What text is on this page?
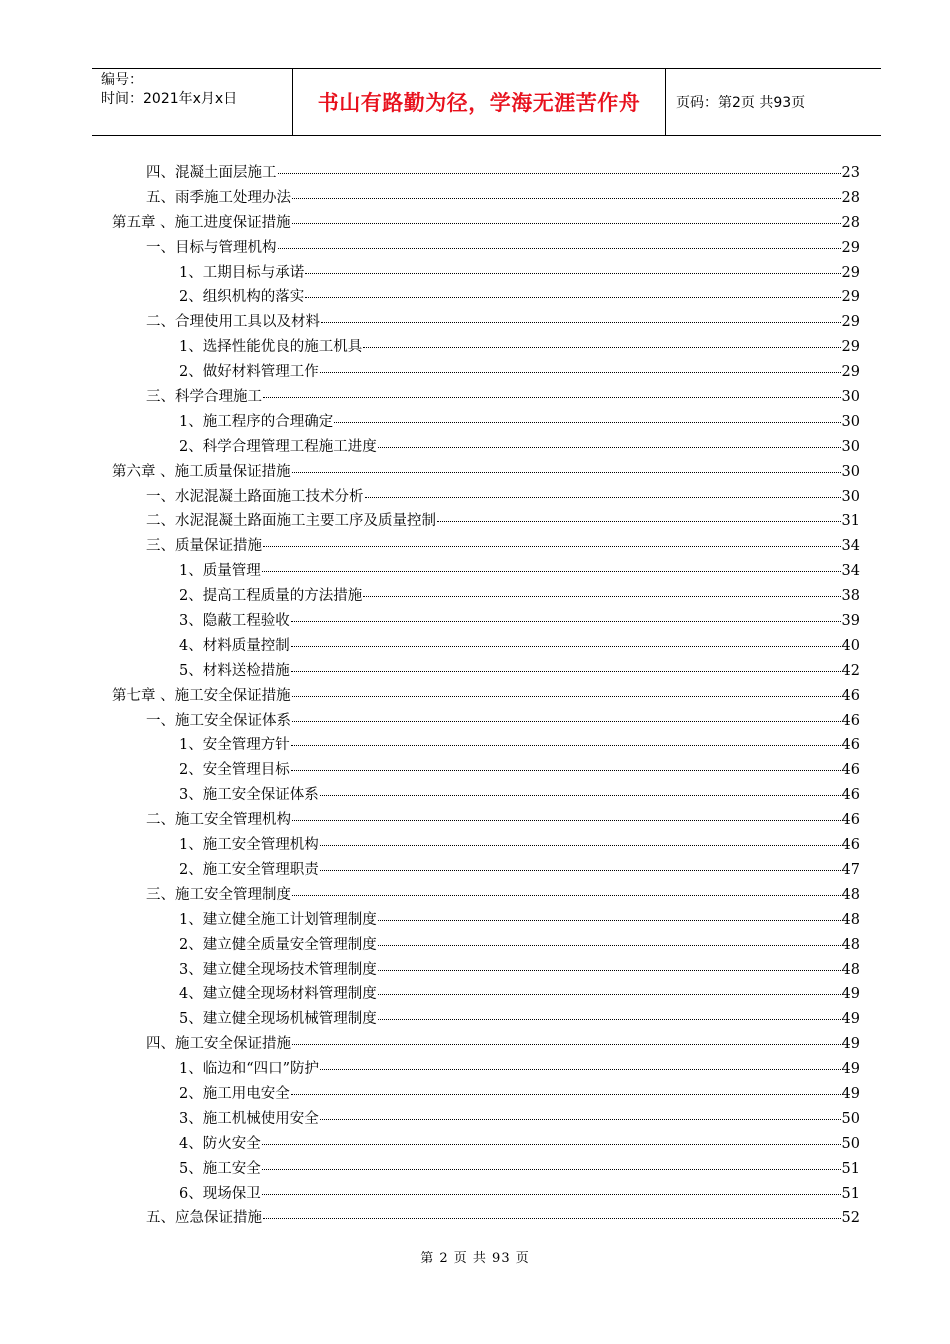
编号：
时间：2021年x月x日	书山有路勤为径，学海无涯苦作舟	页码：第2页 共93页
四、混凝土面层施工	23
五、雨季施工处理办法	28
第五章 、施工进度保证措施	28
一、目标与管理机构	29
1、工期目标与承诺	29
2、组织机构的落实	29
二、合理使用工具以及材料	29
1、选择性能优良的施工机具	29
2、做好材料管理工作	29
三、科学合理施工	30
1、施工程序的合理确定	30
2、科学合理管理工程施工进度	30
第六章 、施工质量保证措施	30
一、水泥混凝土路面施工技术分析	30
二、水泥混凝土路面施工主要工序及质量控制	31
三、质量保证措施	34
1、质量管理	34
2、提高工程质量的方法措施	38
3、隐蔽工程验收	39
4、材料质量控制	40
5、材料送检措施	42
第七章 、施工安全保证措施	46
一、施工安全保证体系	46
1、安全管理方针	46
2、安全管理目标	46
3、施工安全保证体系	46
二、施工安全管理机构	46
1、施工安全管理机构	46
2、施工安全管理职责	47
三、施工安全管理制度	48
1、建立健全施工计划管理制度	48
2、建立健全质量安全管理制度	48
3、建立健全现场技术管理制度	48
4、建立健全现场材料管理制度	49
5、建立健全现场机械管理制度	49
四、施工安全保证措施	49
1、临边和“四口”防护	49
2、施工用电安全	49
3、施工机械使用安全	50
4、防火安全	50
5、施工安全	51
6、现场保卫	51
五、应急保证措施	52
第 2 页 共 93 页
